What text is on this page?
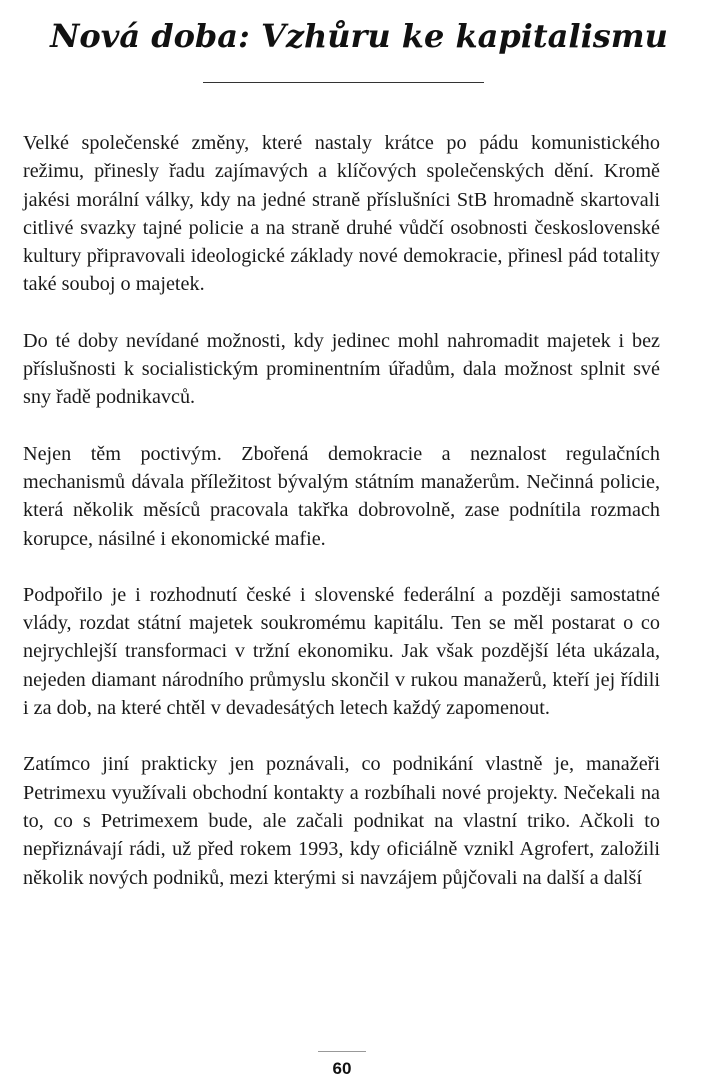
Nová doba: Vzhůru ke kapitalismu

Velké společenské změny, které nastaly krátce po pádu komunistického režimu, přinesly řadu zajímavých a klíčových společenských dění. Kromě jakési morální války, kdy na jedné straně příslušníci StB hromadně skartovali citlivé svazky tajné policie a na straně druhé vůdčí osobnosti československé kultury připravovali ideologické základy nové demokracie, přinesl pád totality také souboj o majetek.

Do té doby nevídané možnosti, kdy jedinec mohl nahromadit majetek i bez příslušnosti k socialistickým prominentním úřadům, dala možnost splnit své sny řadě podnikavců.

Nejen těm poctivým. Zbořená demokracie a neznalost regulačních mechanismů dávala příležitost bývalým státním manažerům. Nečinná policie, která několik měsíců pracovala takřka dobrovolně, zase podnítila rozmach korupce, násilné i ekonomické mafie.

Podpořilo je i rozhodnutí české i slovenské federální a později samostatné vlády, rozdat státní majetek soukromému kapitálu. Ten se měl postarat o co nejrychlejší transformaci v tržní ekonomiku. Jak však pozdější léta ukázala, nejeden diamant národního průmyslu skončil v rukou manažerů, kteří jej řídili i za dob, na které chtěl v devadesátých letech každý zapomenout.

Zatímco jiní prakticky jen poznávali, co podnikání vlastně je, manažeři Petrimexu využívali obchodní kontakty a rozbíhali nové projekty. Nečekali na to, co s Petrimexem bude, ale začali podnikat na vlastní triko. Ačkoli to nepřiznávají rádi, už před rokem 1993, kdy oficiálně vznikl Agrofert, založili několik nových podniků, mezi kterými si navzájem půjčovali na další a další

60
